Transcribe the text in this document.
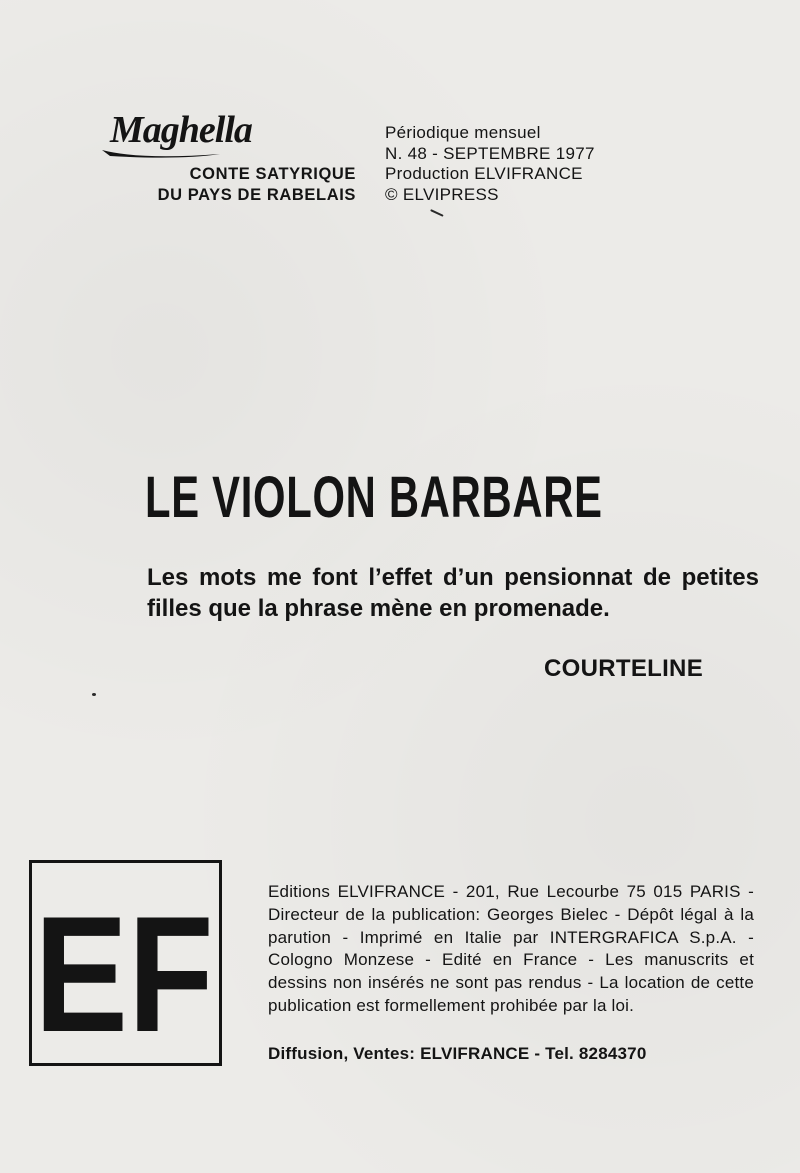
Maghella
CONTE SATYRIQUE
DU PAYS DE RABELAIS
Périodique mensuel
N. 48 - SEPTEMBRE 1977
Production ELVIFRANCE
© ELVIPRESS
LE VIOLON BARBARE
Les mots me font l’effet d’un pensionnat de petites filles que la phrase mène en promenade.
COURTELINE
EF	Editions ELVIFRANCE - 201, Rue Lecourbe 75 015 PARIS - Directeur de la publication: Georges Bielec - Dépôt légal à la parution - Imprimé en Italie par INTERGRAFICA S.p.A. - Cologno Monzese - Edité en France - Les manuscrits et dessins non insérés ne sont pas rendus - La location de cette publication est formellement prohibée par la loi.
Diffusion, Ventes: ELVIFRANCE - Tel. 8284370
